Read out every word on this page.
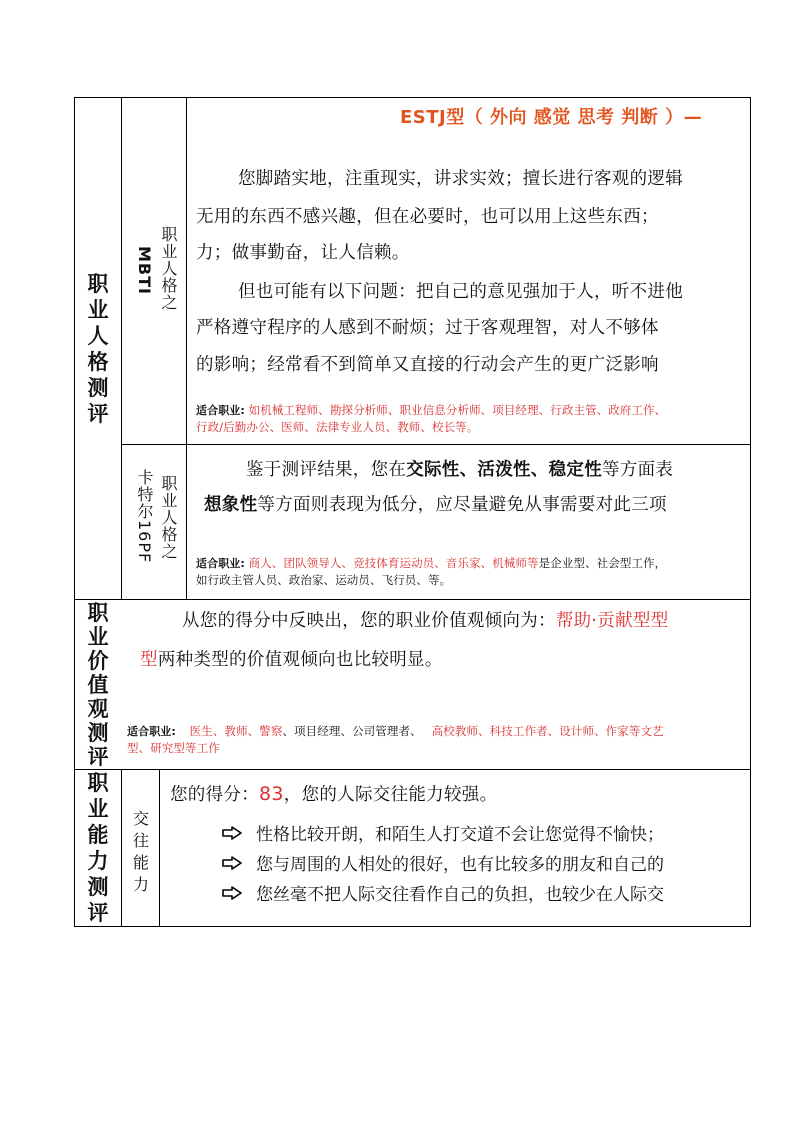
职业人格测评
职业价值观测评
职业能力测评
职业人格之
MBTI
职业人格之
卡特尔16PF
交往能力
ESTJ型（ 外向 感觉 思考 判断 ）—
您脚踏实地，注重现实，讲求实效；擅长进行客观的逻辑
无用的东西不感兴趣，但在必要时，也可以用上这些东西；
力；做事勤奋，让人信赖。
但也可能有以下问题：把自己的意见强加于人，听不进他
严格遵守程序的人感到不耐烦；过于客观理智，对人不够体
的影响；经常看不到简单又直接的行动会产生的更广泛影响
适合职业: 如机械工程师、勘探分析师、职业信息分析师、项目经理、行政主管、政府工作、
行政/后勤办公、医师、法律专业人员、教师、校长等。
鉴于测评结果，您在交际性、活泼性、稳定性等方面表
想象性等方面则表现为低分，应尽量避免从事需要对此三项
适合职业: 商人、团队领导人、竞技体育运动员、音乐家、机械师等是企业型、社会型工作，
如行政主管人员、政治家、运动员、飞行员、等。
从您的得分中反映出，您的职业价值观倾向为：帮助·贡献型型
型两种类型的价值观倾向也比较明显。
适合职业: 医生、教师、警察、项目经理、公司管理者、 高校教师、科技工作者、设计师、作家等文艺
型、研究型等工作
您的得分：83，您的人际交往能力较强。
性格比较开朗，和陌生人打交道不会让您觉得不愉快；
您与周围的人相处的很好，也有比较多的朋友和自己的
您丝毫不把人际交往看作自己的负担，也较少在人际交
